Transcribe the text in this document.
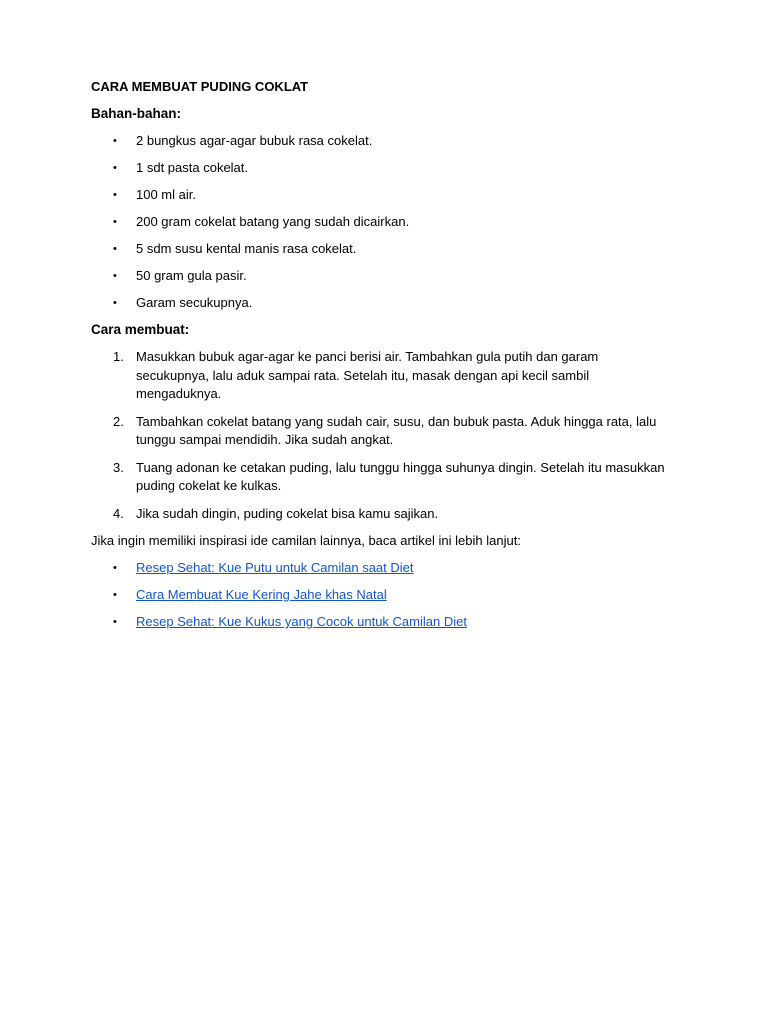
CARA MEMBUAT PUDING COKLAT

Bahan-bahan:

•	2 bungkus agar-agar bubuk rasa cokelat.
•	1 sdt pasta cokelat.
•	100 ml air.
•	200 gram cokelat batang yang sudah dicairkan.
•	5 sdm susu kental manis rasa cokelat.
•	50 gram gula pasir.
•	Garam secukupnya.

Cara membuat:

1. Masukkan bubuk agar-agar ke panci berisi air. Tambahkan gula putih dan garam secukupnya, lalu aduk sampai rata. Setelah itu, masak dengan api kecil sambil mengaduknya.
2. Tambahkan cokelat batang yang sudah cair, susu, dan bubuk pasta. Aduk hingga rata, lalu tunggu sampai mendidih. Jika sudah angkat.
3. Tuang adonan ke cetakan puding, lalu tunggu hingga suhunya dingin. Setelah itu masukkan puding cokelat ke kulkas.
4. Jika sudah dingin, puding cokelat bisa kamu sajikan.

Jika ingin memiliki inspirasi ide camilan lainnya, baca artikel ini lebih lanjut:

•	Resep Sehat: Kue Putu untuk Camilan saat Diet
•	Cara Membuat Kue Kering Jahe khas Natal
•	Resep Sehat: Kue Kukus yang Cocok untuk Camilan Diet
